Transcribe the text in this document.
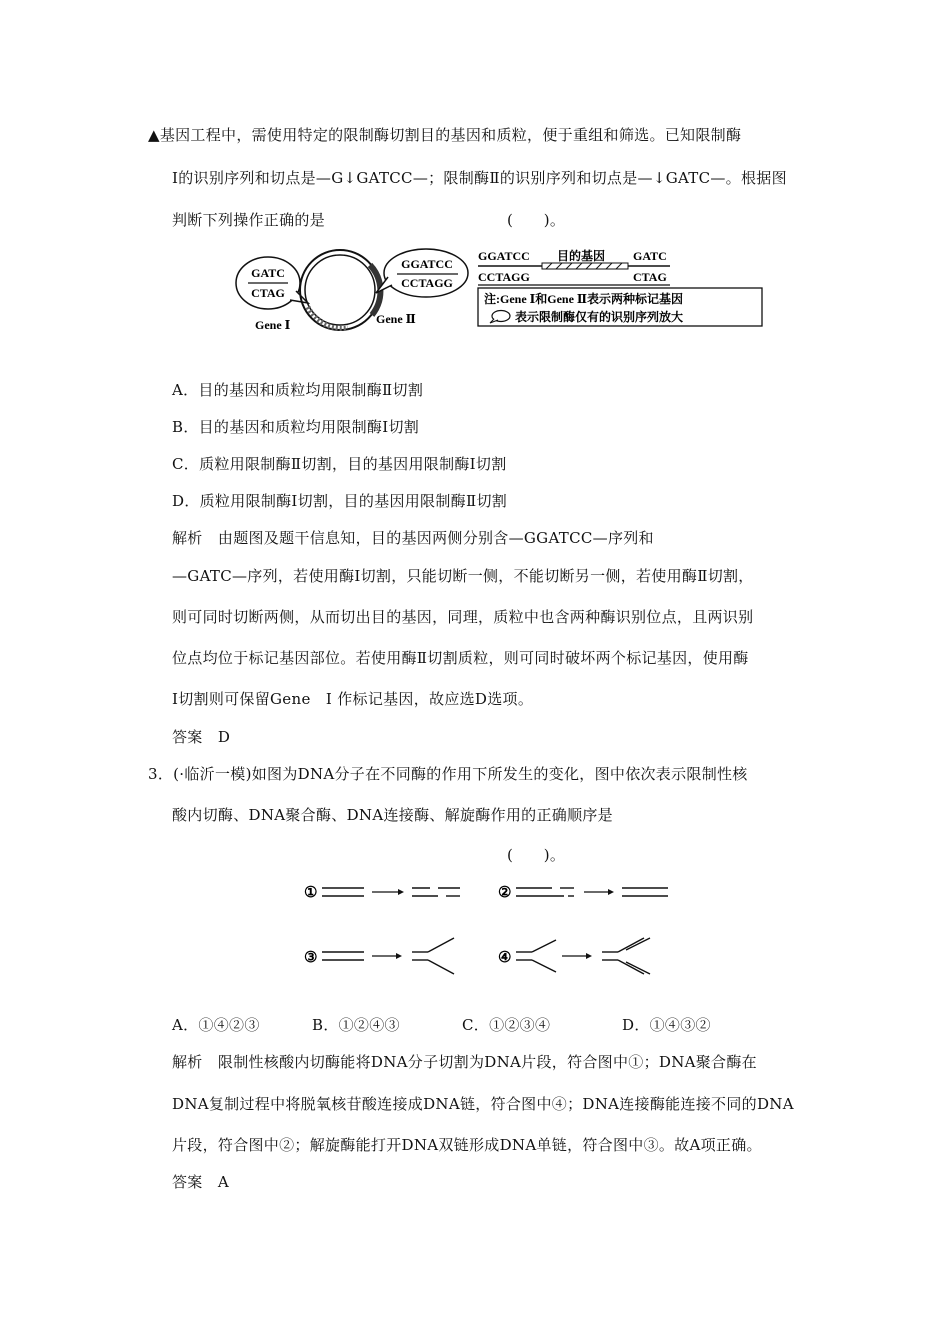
▲基因工程中，需使用特定的限制酶切割目的基因和质粒，便于重组和筛选。已知限制酶
Ⅰ的识别序列和切点是—G↓GATCC—；限制酶Ⅱ的识别序列和切点是—↓GATC—。根据图
判断下列操作正确的是	(　　)。
GATC
CTAG
Gene Ⅰ	Gene Ⅱ
GGATCC
CCTAGG
GGATCC 目的基因 GATC
CCTAGG	CTAG
注:Gene Ⅰ和Gene Ⅱ表示两种标记基因
表示限制酶仅有的识别序列放大
A．目的基因和质粒均用限制酶Ⅱ切割
B．目的基因和质粒均用限制酶Ⅰ切割
C．质粒用限制酶Ⅱ切割，目的基因用限制酶Ⅰ切割
D．质粒用限制酶Ⅰ切割，目的基因用限制酶Ⅱ切割
解析　由题图及题干信息知，目的基因两侧分别含—GGATCC—序列和
—GATC—序列，若使用酶Ⅰ切割，只能切断一侧，不能切断另一侧，若使用酶Ⅱ切割，
则可同时切断两侧，从而切出目的基因，同理，质粒中也含两种酶识别位点，且两识别
位点均位于标记基因部位。若使用酶Ⅱ切割质粒，则可同时破坏两个标记基因，使用酶
Ⅰ切割则可保留Gene　Ⅰ 作标记基因，故应选D选项。
答案　D
3．(·临沂一模)如图为DNA分子在不同酶的作用下所发生的变化，图中依次表示限制性核
酸内切酶、DNA聚合酶、DNA连接酶、解旋酶作用的正确顺序是
(　　)。
①	②
③	④
A．①④②③	B．①②④③	C．①②③④	D．①④③②
解析　限制性核酸内切酶能将DNA分子切割为DNA片段，符合图中①；DNA聚合酶在
DNA复制过程中将脱氧核苷酸连接成DNA链，符合图中④；DNA连接酶能连接不同的DNA
片段，符合图中②；解旋酶能打开DNA双链形成DNA单链，符合图中③。故A项正确。
答案　A
